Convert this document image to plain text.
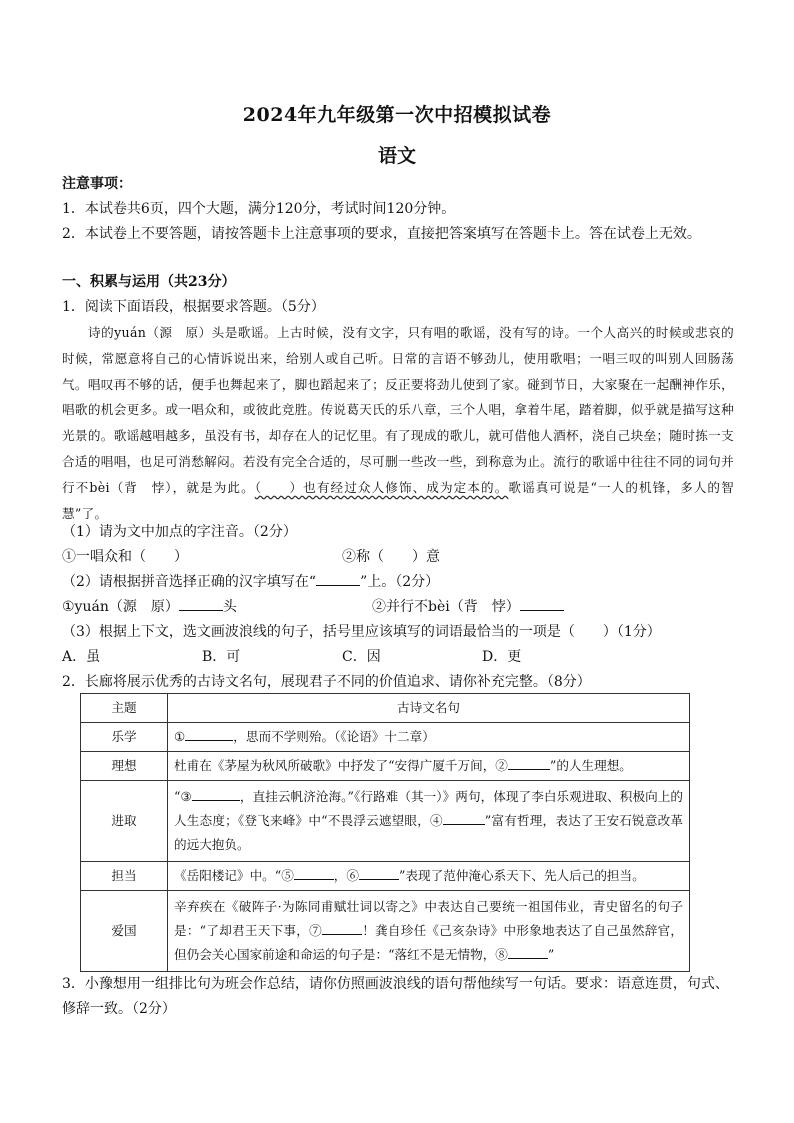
2024年九年级第一次中招模拟试卷
语文
注意事项：
1．本试卷共6页，四个大题，满分120分，考试时间120分钟。
2．本试卷上不要答题，请按答题卡上注意事项的要求，直接把答案填写在答题卡上。答在试卷上无效。
一、积累与运用（共23分）
1．阅读下面语段，根据要求答题。（5分）
诗的yuán（源　原）头是歌谣。上古时候，没有文字，只有唱的歌谣，没有写的诗。一个人高兴的时候或悲哀的时候，常愿意将自己的心情诉说出来，给别人或自己听。日常的言语不够劲儿，使用歌唱；一唱三叹的叫别人回肠荡气。唱叹再不够的话，便手也舞起来了，脚也蹈起来了；反正要将劲儿使到了家。碰到节日，大家聚在一起酬神作乐，唱歌的机会更多。或一唱众和，或彼此竞胜。传说葛天氏的乐八章，三个人唱，拿着牛尾，踏着脚，似乎就是描写这种光景的。歌谣越唱越多，虽没有书，却存在人的记忆里。有了现成的歌儿，就可借他人酒杯，浇自己块垒；随时拣一支合适的唱唱，也足可消愁解闷。若没有完全合适的，尽可删一些改一些，到称意为止。流行的歌谣中往往不同的词句并行不bèi（背　悖），就是为此。（　　）也有经过众人修饰、成为定本的。歌谣真可说是“一人的机锋，多人的智慧”了。
（1）请为文中加点的字注音。（2分）
①一唱众和（　　）	②称（　　）意
（2）请根据拼音选择正确的汉字填写在“	”上。（2分）
①yuán（源　原）	头	②并行不bèi（背　悖）
（3）根据上下文，选文画波浪线的句子，括号里应该填写的词语最恰当的一项是（　　）（1分）
A．虽	B．可	C．因	D．更
2．长廊将展示优秀的古诗文名句，展现君子不同的价值追求、请你补充完整。（8分）
主题	古诗文名句
乐学	① ，思而不学则殆。（《论语》十二章）
理想	杜甫在《茅屋为秋风所破歌》中抒发了“安得广厦千万间，② ”的人生理想。
进取	“③ ，直挂云帆济沧海。”《行路难（其一）》两句，体现了李白乐观进取、积极向上的人生态度；《登飞来峰》中“不畏浮云遮望眼，④ ”富有哲理，表达了王安石锐意改革的远大抱负。
担当	《岳阳楼记》中。“⑤ ，⑥ ”表现了范仲淹心系天下、先人后己的担当。
爱国	辛弃疾在《破阵子·为陈同甫赋壮词以寄之》中表达自己要统一祖国伟业，青史留名的句子是：“了却君王天下事，⑦ ！龚自珍任《己亥杂诗》中形象地表达了自己虽然辞官，但仍会关心国家前途和命运的句子是：“落红不是无情物，⑧ ”
3．小豫想用一组排比句为班会作总结，请你仿照画波浪线的语句帮他续写一句话。要求：语意连贯，句式、修辞一致。（2分）
